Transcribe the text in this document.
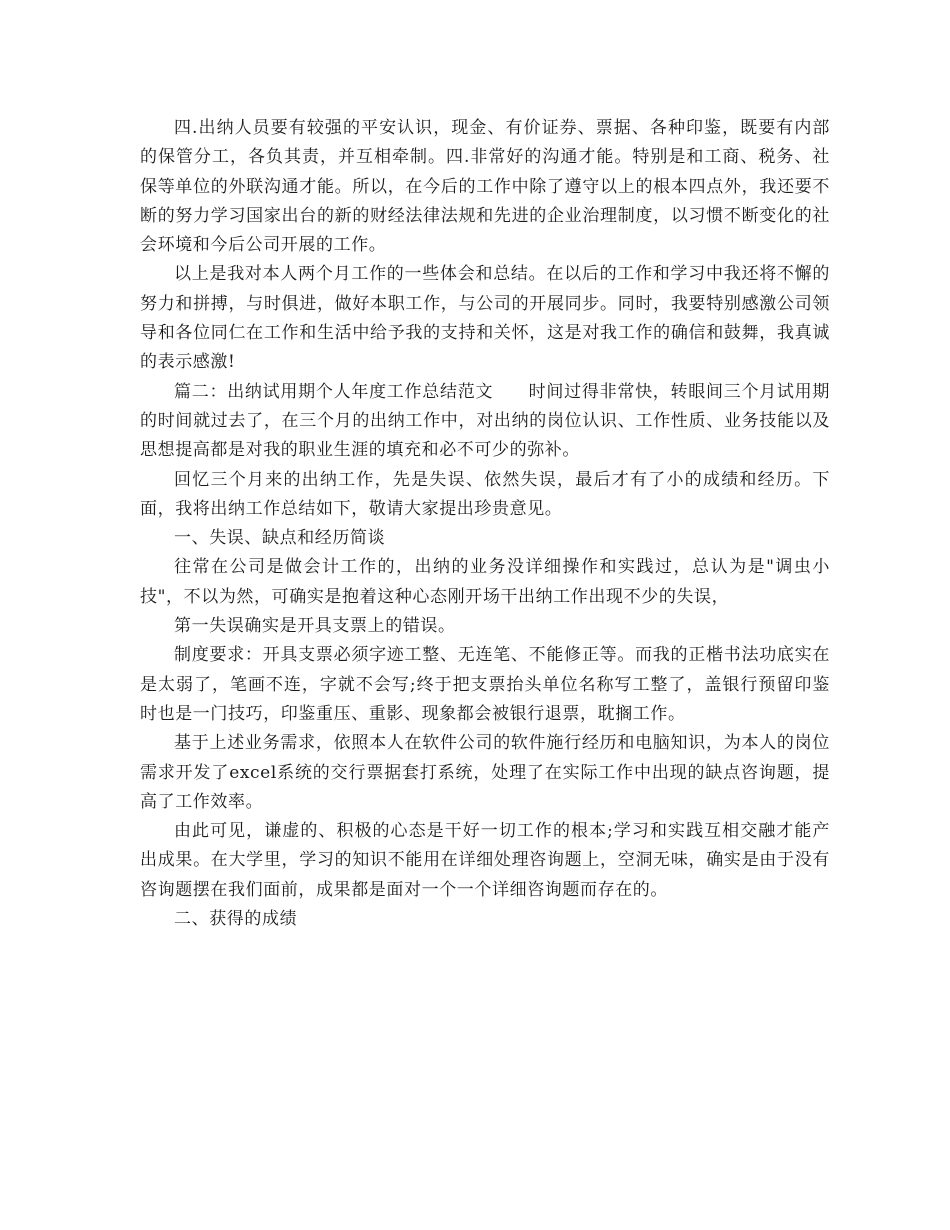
四.出纳人员要有较强的平安认识，现金、有价证券、票据、各种印鉴，既要有内部的保管分工，各负其责，并互相牵制。四.非常好的沟通才能。特别是和工商、税务、社保等单位的外联沟通才能。所以，在今后的工作中除了遵守以上的根本四点外，我还要不断的努力学习国家出台的新的财经法律法规和先进的企业治理制度，以习惯不断变化的社会环境和今后公司开展的工作。

以上是我对本人两个月工作的一些体会和总结。在以后的工作和学习中我还将不懈的努力和拼搏，与时俱进，做好本职工作，与公司的开展同步。同时，我要特别感激公司领导和各位同仁在工作和生活中给予我的支持和关怀，这是对我工作的确信和鼓舞，我真诚的表示感激!

篇二：出纳试用期个人年度工作总结范文　　时间过得非常快，转眼间三个月试用期的时间就过去了，在三个月的出纳工作中，对出纳的岗位认识、工作性质、业务技能以及思想提高都是对我的职业生涯的填充和必不可少的弥补。

回忆三个月来的出纳工作，先是失误、依然失误，最后才有了小的成绩和经历。下面，我将出纳工作总结如下，敬请大家提出珍贵意见。

一、失误、缺点和经历简谈

往常在公司是做会计工作的，出纳的业务没详细操作和实践过，总认为是"调虫小技"，不以为然，可确实是抱着这种心态刚开场干出纳工作出现不少的失误，

第一失误确实是开具支票上的错误。

制度要求：开具支票必须字迹工整、无连笔、不能修正等。而我的正楷书法功底实在是太弱了，笔画不连，字就不会写;终于把支票抬头单位名称写工整了，盖银行预留印鉴时也是一门技巧，印鉴重压、重影、现象都会被银行退票，耽搁工作。

基于上述业务需求，依照本人在软件公司的软件施行经历和电脑知识，为本人的岗位需求开发了excel系统的交行票据套打系统，处理了在实际工作中出现的缺点咨询题，提高了工作效率。

由此可见，谦虚的、积极的心态是干好一切工作的根本;学习和实践互相交融才能产出成果。在大学里，学习的知识不能用在详细处理咨询题上，空洞无味，确实是由于没有咨询题摆在我们面前，成果都是面对一个一个详细咨询题而存在的。

二、获得的成绩
